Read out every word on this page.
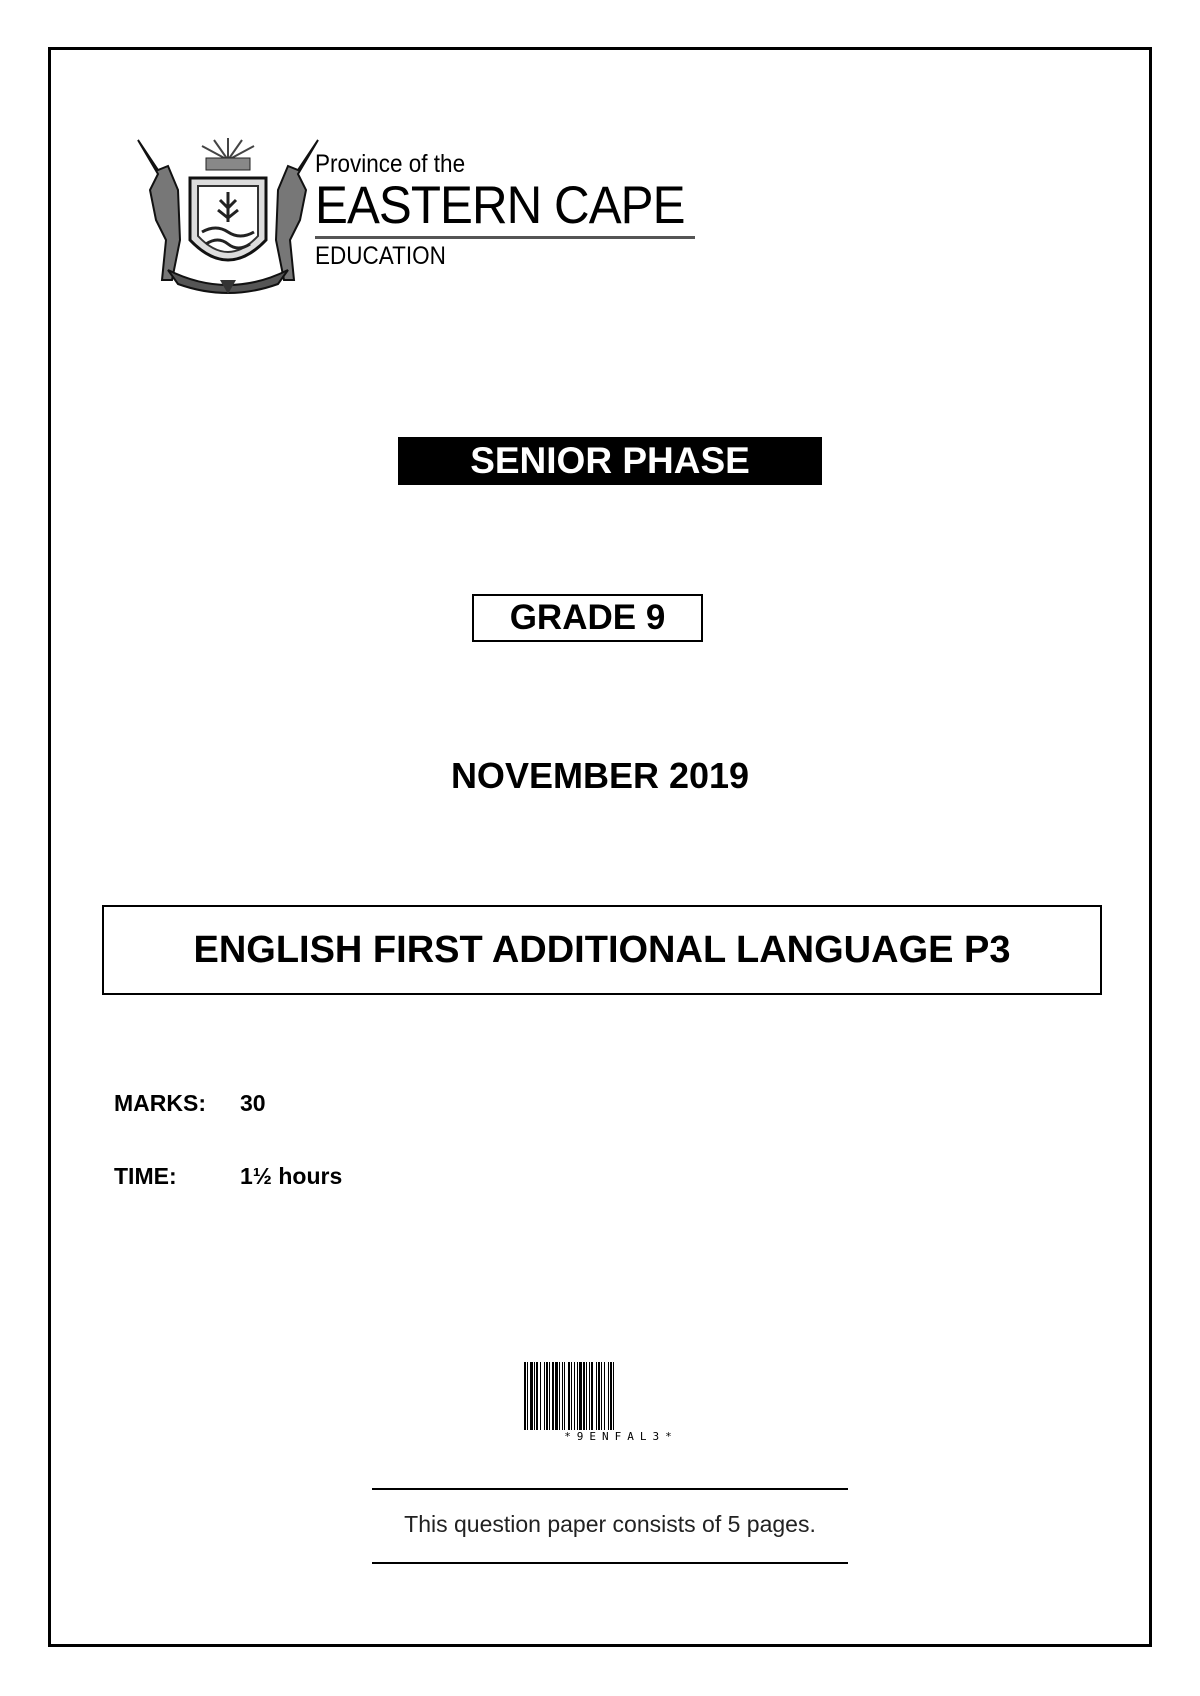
Province of the
EASTERN CAPE
EDUCATION
SENIOR PHASE
GRADE 9
NOVEMBER 2019
ENGLISH FIRST ADDITIONAL LANGUAGE P3
MARKS: 30
TIME:	1½ hours
*9ENFAL3*
This question paper consists of 5 pages.
